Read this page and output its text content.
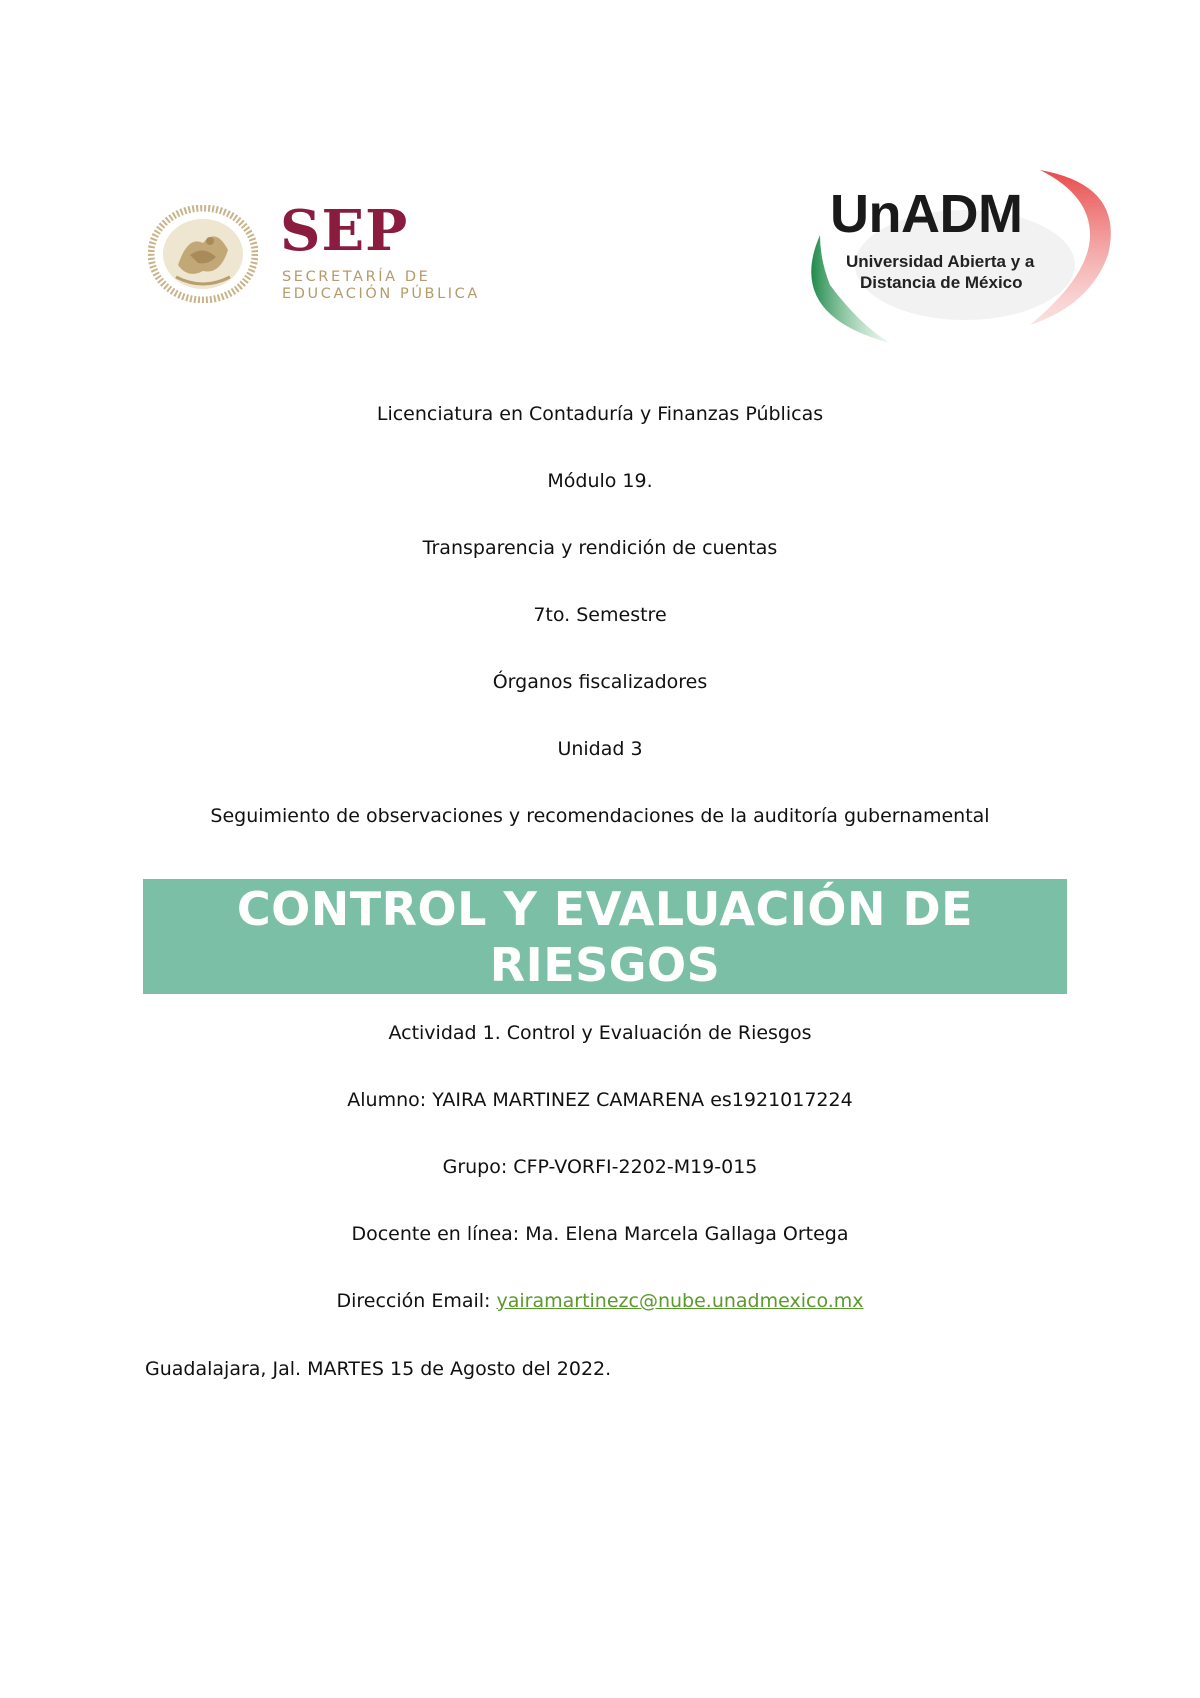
SEP
SECRETARÍA DE
EDUCACIÓN PÚBLICA
UnADM
Universidad Abierta y a
Distancia de México
Licenciatura en Contaduría y Finanzas Públicas
Módulo 19.
Transparencia y rendición de cuentas
7to. Semestre
Órganos fiscalizadores
Unidad 3
Seguimiento de observaciones y recomendaciones de la auditoría gubernamental
CONTROL Y EVALUACIÓN DE
RIESGOS
Actividad 1. Control y Evaluación de Riesgos
Alumno: YAIRA MARTINEZ CAMARENA es1921017224
Grupo: CFP-VORFI-2202-M19-015
Docente en línea: Ma. Elena Marcela Gallaga Ortega
Dirección Email: yairamartinezc@nube.unadmexico.mx
Guadalajara, Jal. MARTES 15 de Agosto del 2022.
